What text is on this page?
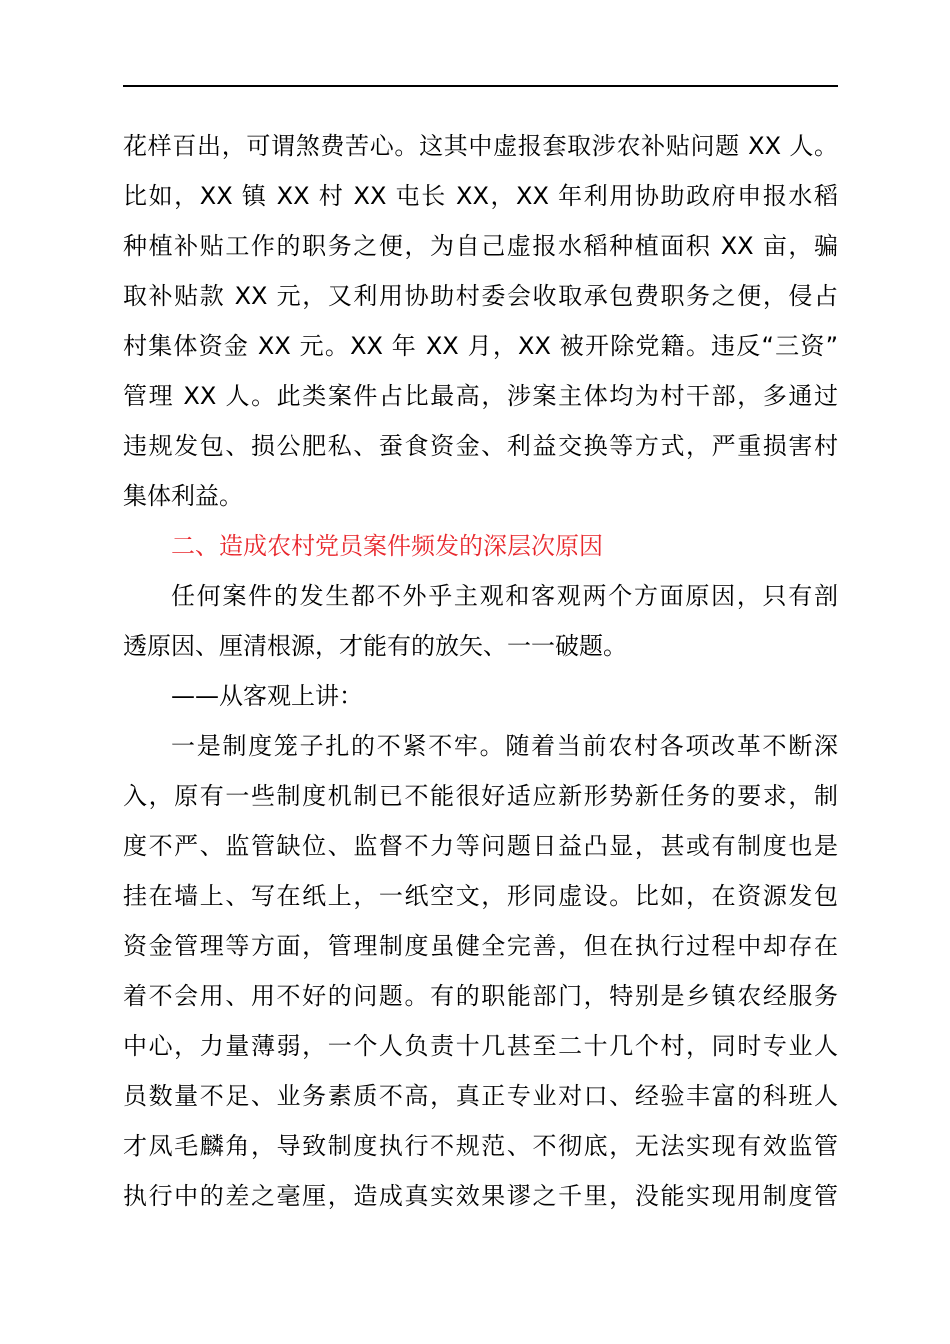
花样百出，可谓煞费苦心。这其中虚报套取涉农补贴问题 XX 人。
比如，XX 镇 XX 村 XX 屯长 XX，XX 年利用协助政府申报水稻
种植补贴工作的职务之便，为自己虚报水稻种植面积 XX 亩，骗
取补贴款 XX 元，又利用协助村委会收取承包费职务之便，侵占
村集体资金 XX 元。XX 年 XX 月，XX 被开除党籍。违反“三资”
管理 XX 人。此类案件占比最高，涉案主体均为村干部，多通过
违规发包、损公肥私、蚕食资金、利益交换等方式，严重损害村
集体利益。
二、造成农村党员案件频发的深层次原因
任何案件的发生都不外乎主观和客观两个方面原因，只有剖
透原因、厘清根源，才能有的放矢、一一破题。
——从客观上讲：
一是制度笼子扎的不紧不牢。随着当前农村各项改革不断深
入，原有一些制度机制已不能很好适应新形势新任务的要求，制
度不严、监管缺位、监督不力等问题日益凸显，甚或有制度也是
挂在墙上、写在纸上，一纸空文，形同虚设。比如，在资源发包
资金管理等方面，管理制度虽健全完善，但在执行过程中却存在
着不会用、用不好的问题。有的职能部门，特别是乡镇农经服务
中心，力量薄弱，一个人负责十几甚至二十几个村，同时专业人
员数量不足、业务素质不高，真正专业对口、经验丰富的科班人
才凤毛麟角，导致制度执行不规范、不彻底，无法实现有效监管
执行中的差之毫厘，造成真实效果谬之千里，没能实现用制度管
